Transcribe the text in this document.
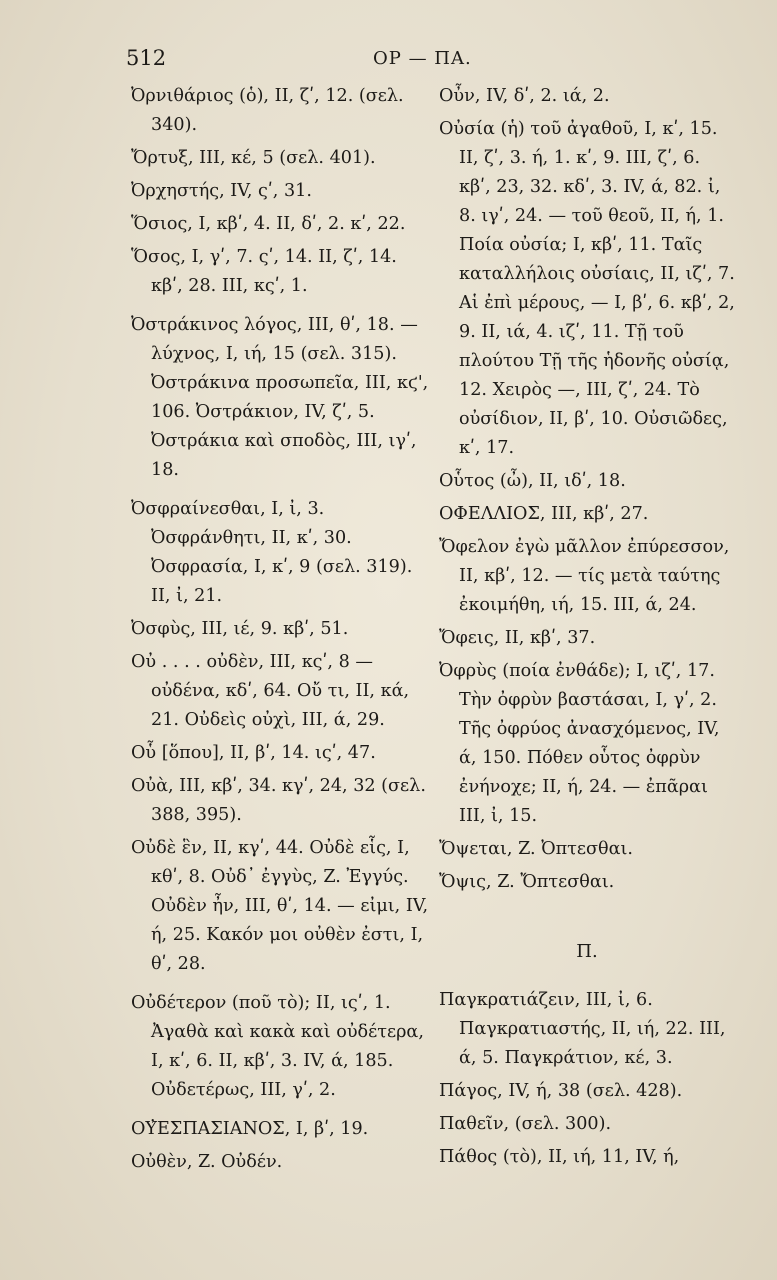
512	ΟΡ — ΠΑ.

Ὀρνιθάριος (ὁ), II, ζʹ, 12. (σελ. 340).

Ὄρτυξ, III, κέ, 5 (σελ. 401).

Ὀρχηστής, IV, ςʹ, 31.

Ὅσιος, I, κβʹ, 4. II, δʹ, 2. κʹ, 22.

Ὅσος, I, γʹ, 7. ςʹ, 14. II, ζʹ, 14. κβʹ, 28. III, κςʹ, 1.

Ὀστράκινος λόγος, III, θʹ, 18. — λύχνος, I, ιή, 15 (σελ. 315). Ὀστράκινα προσωπεῖα, III, κϛ', 106. Ὀστράκιον, IV, ζʹ, 5. Ὀστράκια καὶ σποδὸς, III, ιγʹ, 18.

Ὀσφραίνεσθαι, I, ἰ, 3. Ὀσφράνθητι, II, κʹ, 30. Ὀσφρασία, I, κʹ, 9 (σελ. 319). II, ἰ, 21.

Ὀσφὺς, III, ιέ, 9. κβʹ, 51.

Οὐ . . . . οὐδὲν, III, κςʹ, 8 — οὐδένα, κδʹ, 64. Οὔ τι, II, κά, 21. Οὐδεὶς οὐχὶ, III, ά, 29.

Οὗ [ὅπου], II, βʹ, 14. ιςʹ, 47.

Οὐὰ, III, κβʹ, 34. κγʹ, 24, 32 (σελ. 388, 395).

Οὐδὲ ἓν, II, κγʹ, 44. Οὐδὲ εἷς, I, κθʹ, 8. Οὐδ᾽ ἐγγὺς, Z. Ἐγγύς. Οὐδὲν ἦν, III, θʹ, 14. — εἰμι, IV, ή, 25. Κακόν μοι οὐθὲν ἐστι, I, θʹ, 28.

Οὐδέτερον (ποῦ τὸ); II, ιςʹ, 1. Ἀγαθὰ καὶ κακὰ καὶ οὐδέτερα, I, κʹ, 6. II, κβʹ, 3. IV, ά, 185. Οὐδετέρως, III, γʹ, 2.

ΟΥ̓ΕΣΠΑΣΙΑΝΟΣ, I, βʹ, 19.

Οὐθὲν, Z. Οὐδέν.

Οὖν, IV, δʹ, 2. ιά, 2.

Οὐσία (ἡ) τοῦ ἀγαθοῦ, I, κʹ, 15. II, ζʹ, 3. ή, 1. κʹ, 9. III, ζʹ, 6. κβʹ, 23, 32. κδʹ, 3. IV, ά, 82. ἰ, 8. ιγʹ, 24. — τοῦ θεοῦ, II, ή, 1. Ποία οὐσία; I, κβʹ, 11. Ταῖς καταλλήλοις οὐσίαις, II, ιζʹ, 7. Αἱ ἐπὶ μέρους, — I, βʹ, 6. κβʹ, 2, 9. II, ιά, 4. ιζʹ, 11. Τῇ τοῦ πλούτου Τῇ τῆς ἡδονῆς οὐσίᾳ, 12. Χειρὸς —, III, ζʹ, 24. Τὸ οὐσίδιον, II, βʹ, 10. Οὐσιῶδες, κʹ, 17.

Οὗτος (ὦ), II, ιδʹ, 18.

ΟΦΕΛΛΙΟΣ, III, κβʹ, 27.

Ὄφελον ἐγὼ μᾶλλον ἐπύρεσσον, II, κβʹ, 12. — τίς μετὰ ταύτης ἐκοιμήθη, ιή, 15. III, ά, 24.

Ὄφεις, II, κβʹ, 37.

Ὀφρὺς (ποία ἐνθάδε); I, ιζʹ, 17. Τὴν ὀφρὺν βαστάσαι, I, γʹ, 2. Τῆς ὀφρύος ἀνασχόμενος, IV, ά, 150. Πόθεν οὗτος ὀφρὺν ἐνήνοχε; II, ή, 24. — ἐπᾶραι III, ἰ, 15.

Ὄψεται, Z. Ὀπτεσθαι.

Ὄψις, Z. Ὄπτεσθαι.

Π.

Παγκρατιάζειν, III, ἰ, 6. Παγκρατιαστής, II, ιή, 22. III, ά, 5. Παγκράτιον, κέ, 3.

Πάγος, IV, ή, 38 (σελ. 428).

Παθεῖν, (σελ. 300).

Πάθος (τὸ), II, ιή, 11, IV, ή,
